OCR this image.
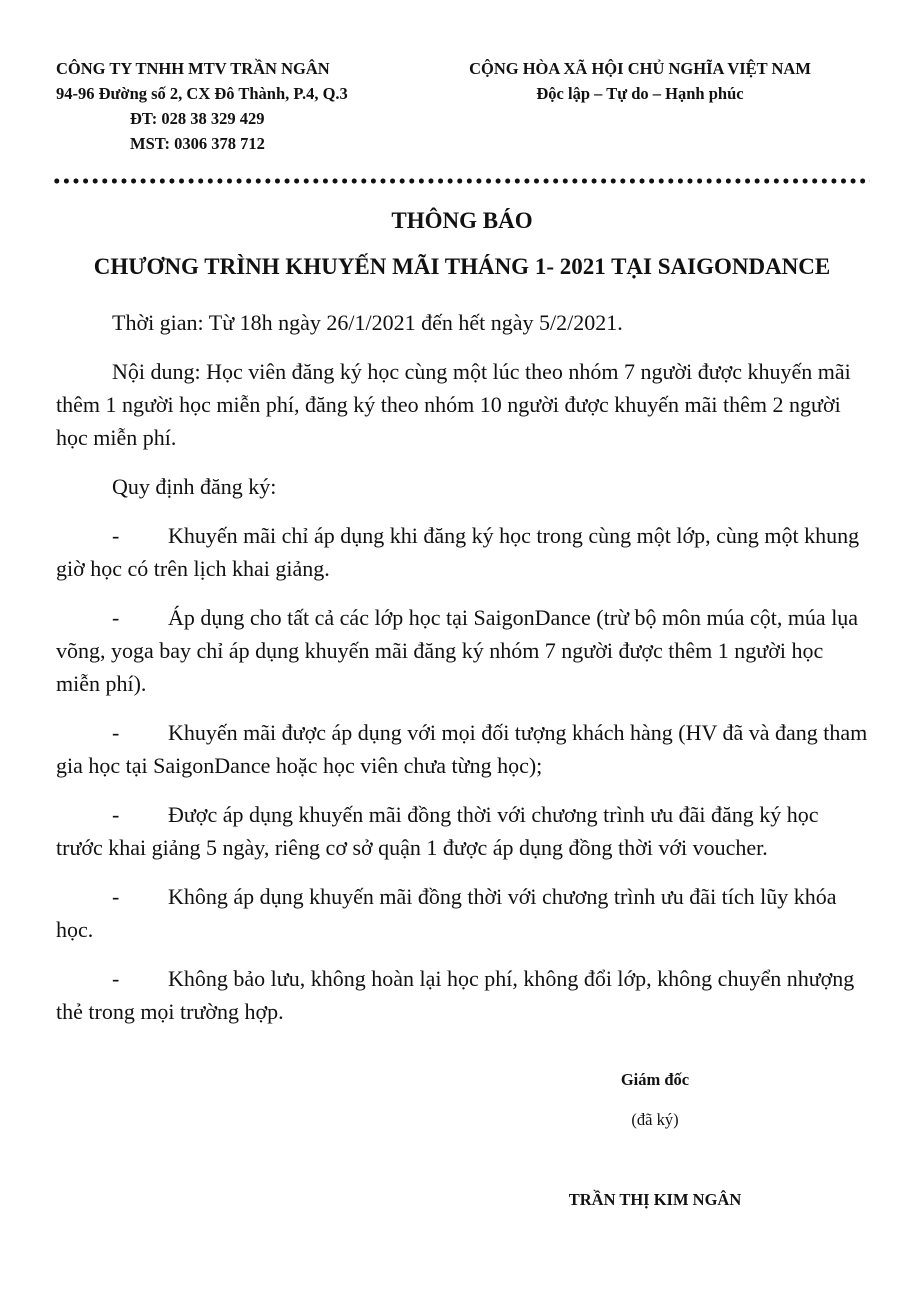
CÔNG TY TNHH MTV TRẦN NGÂN
94-96 Đường số 2, CX Đô Thành, P.4, Q.3
ĐT: 028 38 329 429
MST: 0306 378 712
CỘNG HÒA XÃ HỘI CHỦ NGHĨA VIỆT NAM
Độc lập – Tự do – Hạnh phúc
THÔNG BÁO
CHƯƠNG TRÌNH KHUYẾN MÃI THÁNG 1- 2021 TẠI SAIGONDANCE

Thời gian: Từ 18h ngày 26/1/2021 đến hết ngày 5/2/2021.

Nội dung: Học viên đăng ký học cùng một lúc theo nhóm 7 người được khuyến mãi thêm 1 người học miễn phí, đăng ký theo nhóm 10 người được khuyến mãi thêm 2 người học miễn phí.

Quy định đăng ký:

- Khuyến mãi chỉ áp dụng khi đăng ký học trong cùng một lớp, cùng một khung giờ học có trên lịch khai giảng.
- Áp dụng cho tất cả các lớp học tại SaigonDance (trừ bộ môn múa cột, múa lụa võng, yoga bay chỉ áp dụng khuyến mãi đăng ký nhóm 7 người được thêm 1 người học miễn phí).
- Khuyến mãi được áp dụng với mọi đối tượng khách hàng (HV đã và đang tham gia học tại SaigonDance hoặc học viên chưa từng học);
- Được áp dụng khuyến mãi đồng thời với chương trình ưu đãi đăng ký học trước khai giảng 5 ngày, riêng cơ sở quận 1 được áp dụng đồng thời với voucher.
- Không áp dụng khuyến mãi đồng thời với chương trình ưu đãi tích lũy khóa học.
- Không bảo lưu, không hoàn lại học phí, không đổi lớp, không chuyển nhượng thẻ trong mọi trường hợp.
Giám đốc
(đã ký)
TRẦN THỊ KIM NGÂN
